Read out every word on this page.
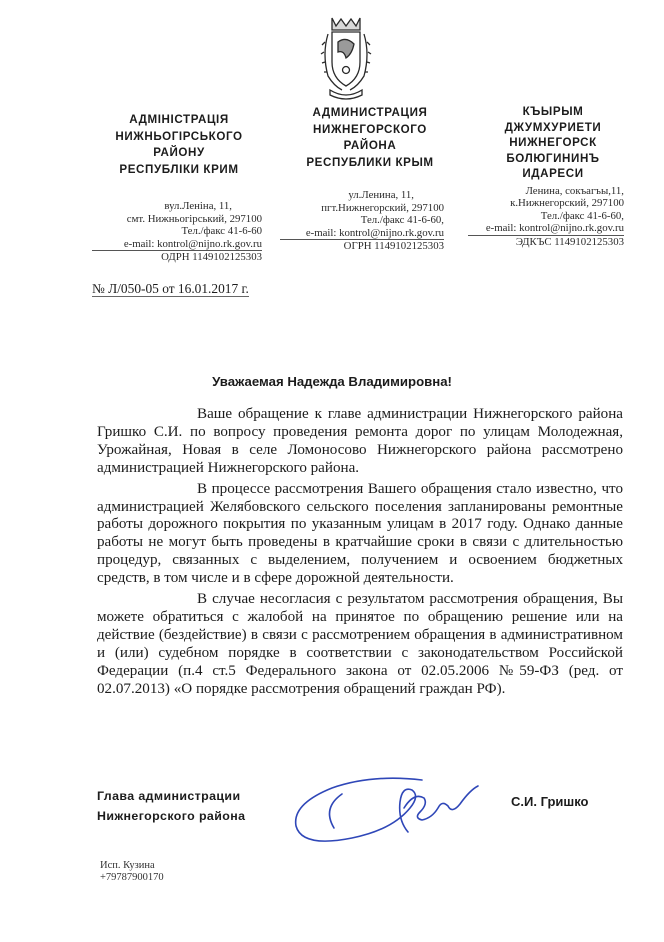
АДМІНІСТРАЦІЯ
НИЖНЬОГІРСЬКОГО
РАЙОНУ
РЕСПУБЛІКИ КРИМ
вул.Леніна, 11,
смт. Нижньогірський, 297100
Тел./факс 41-6-60
e-mail: kontrol@nijno.rk.gov.ru
ОДРН 1149102125303
АДМИНИСТРАЦИЯ
НИЖНЕГОРСКОГО
РАЙОНА
РЕСПУБЛИКИ КРЫМ
ул.Ленина, 11,
пгт.Нижнегорский, 297100
Тел./факс 41-6-60,
e-mail: kontrol@nijno.rk.gov.ru
ОГРН 1149102125303
КЪЫРЫМ
ДЖУМХУРИЕТИ
НИЖНЕГОРСК
БОЛЮГИНИНЪ
ИДАРЕСИ
Ленина, сокъагъы,11,
к.Нижнегорский, 297100
Тел./факс 41-6-60,
e-mail: kontrol@nijno.rk.gov.ru
ЭДКЪС 1149102125303
№ Л/050-05 от 16.01.2017 г.
Уважаемая Надежда Владимировна!

Ваше обращение к главе администрации Нижнегорского района Гришко С.И. по вопросу проведения ремонта дорог по улицам Молодежная, Урожайная, Новая в селе Ломоносово Нижнегорского района рассмотрено администрацией Нижнегорского района.

В процессе рассмотрения Вашего обращения стало известно, что администрацией Желябовского сельского поселения запланированы ремонтные работы дорожного покрытия по указанным улицам в 2017 году. Однако данные работы не могут быть проведены в кратчайшие сроки в связи с длительностью процедур, связанных с выделением, получением и освоением бюджетных средств, в том числе и в сфере дорожной деятельности.

В случае несогласия с результатом рассмотрения обращения, Вы можете обратиться с жалобой на принятое по обращению решение или на действие (бездействие) в связи с рассмотрением обращения в административном и (или) судебном порядке в соответствии с законодательством Российской Федерации (п.4 ст.5 Федерального закона от 02.05.2006 №59-ФЗ (ред. от 02.07.2013) «О порядке рассмотрения обращений граждан РФ).

Глава администрации
Нижнегорского района
С.И. Гришко
Исп. Кузина
+79787900170
